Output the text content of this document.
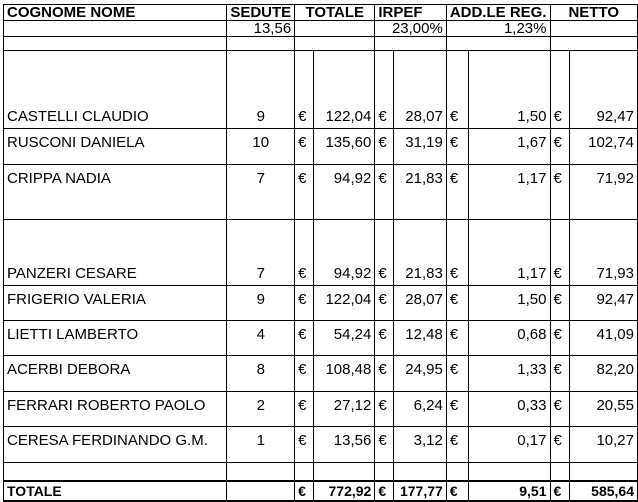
COGNOME NOME	SEDUTE	TOTALE		IRPEF		ADD.LE REG.		NETTO	
	13,56			23,00%		1,23%			

CASTELLI CLAUDIO	9	€	122,04	€	28,07	€	1,50	€	92,47
RUSCONI DANIELA	10	€	135,60	€	31,19	€	1,67	€	102,74
CRIPPA NADIA	7	€	94,92	€	21,83	€	1,17	€	71,92
PANZERI CESARE	7	€	94,92	€	21,83	€	1,17	€	71,93
FRIGERIO VALERIA	9	€	122,04	€	28,07	€	1,50	€	92,47
LIETTI LAMBERTO	4	€	54,24	€	12,48	€	0,68	€	41,09
ACERBI DEBORA	8	€	108,48	€	24,95	€	1,33	€	82,20
FERRARI ROBERTO PAOLO	2	€	27,12	€	6,24	€	0,33	€	20,55
CERESA FERDINANDO G.M.	1	€	13,56	€	3,12	€	0,17	€	10,27

TOTALE		€	772,92	€	177,77	€	9,51	€	585,64
